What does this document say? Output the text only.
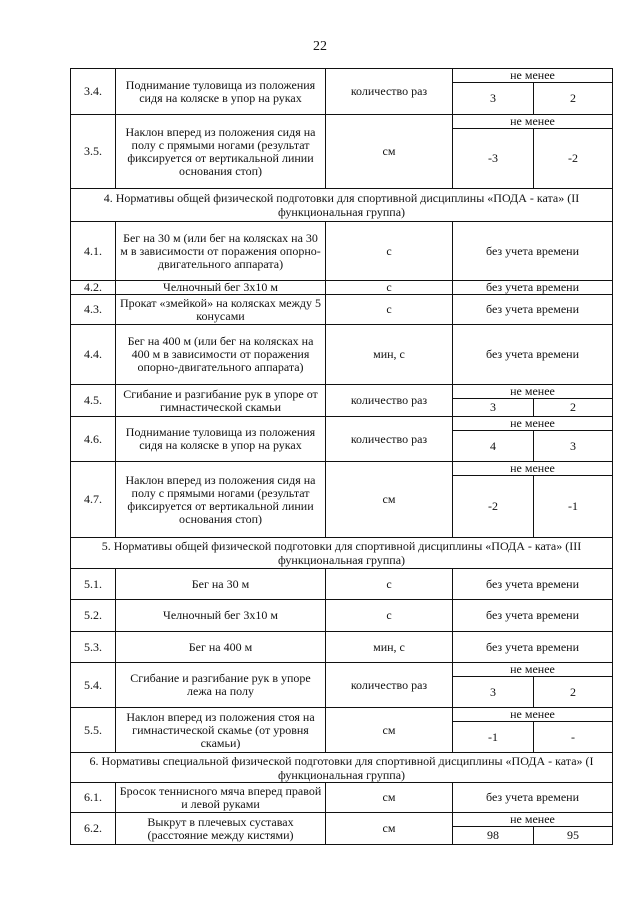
22
3.4.	Поднимание туловища из положения сидя на коляске в упор на руках	количество раз	не менее	
			3	2
3.5.	Наклон вперед из положения сидя на полу с прямыми ногами (результат фиксируется от вертикальной линии основания стоп)	см	не менее	
			-3	-2
4. Нормативы общей физической подготовки для спортивной дисциплины «ПОДА - ката» (II функциональная группа)				
4.1.	Бег на 30 м (или бег на колясках на 30 м в зависимости от поражения опорно-двигательного аппарата)	с	без учета времени	
4.2.	Челночный бег 3х10 м	с	без учета времени	
4.3.	Прокат «змейкой» на колясках между 5 конусами	с	без учета времени	
4.4.	Бег на 400 м (или бег на колясках на 400 м в зависимости от поражения опорно-двигательного аппарата)	мин, с	без учета времени	
4.5.	Сгибание и разгибание рук в упоре от гимнастической скамьи	количество раз	не менее	
			3	2
4.6.	Поднимание туловища из положения сидя на коляске в упор на руках	количество раз	не менее	
			4	3
4.7.	Наклон вперед из положения сидя на полу с прямыми ногами (результат фиксируется от вертикальной линии основания стоп)	см	не менее	
			-2	-1
5. Нормативы общей физической подготовки для спортивной дисциплины «ПОДА - ката» (III функциональная группа)				
5.1.	Бег на 30 м	с	без учета времени	
5.2.	Челночный бег 3х10 м	с	без учета времени	
5.3.	Бег на 400 м	мин, с	без учета времени	
5.4.	Сгибание и разгибание рук в упоре лежа на полу	количество раз	не менее	
			3	2
5.5.	Наклон вперед из положения стоя на гимнастической скамье (от уровня скамьи)	см	не менее	
			-1	-
6. Нормативы специальной физической подготовки для спортивной дисциплины «ПОДА - ката» (I функциональная группа)				
6.1.	Бросок теннисного мяча вперед правой и левой руками	см	без учета времени	
6.2.	Выкрут в плечевых суставах (расстояние между кистями)	см	не менее	
			98	95
